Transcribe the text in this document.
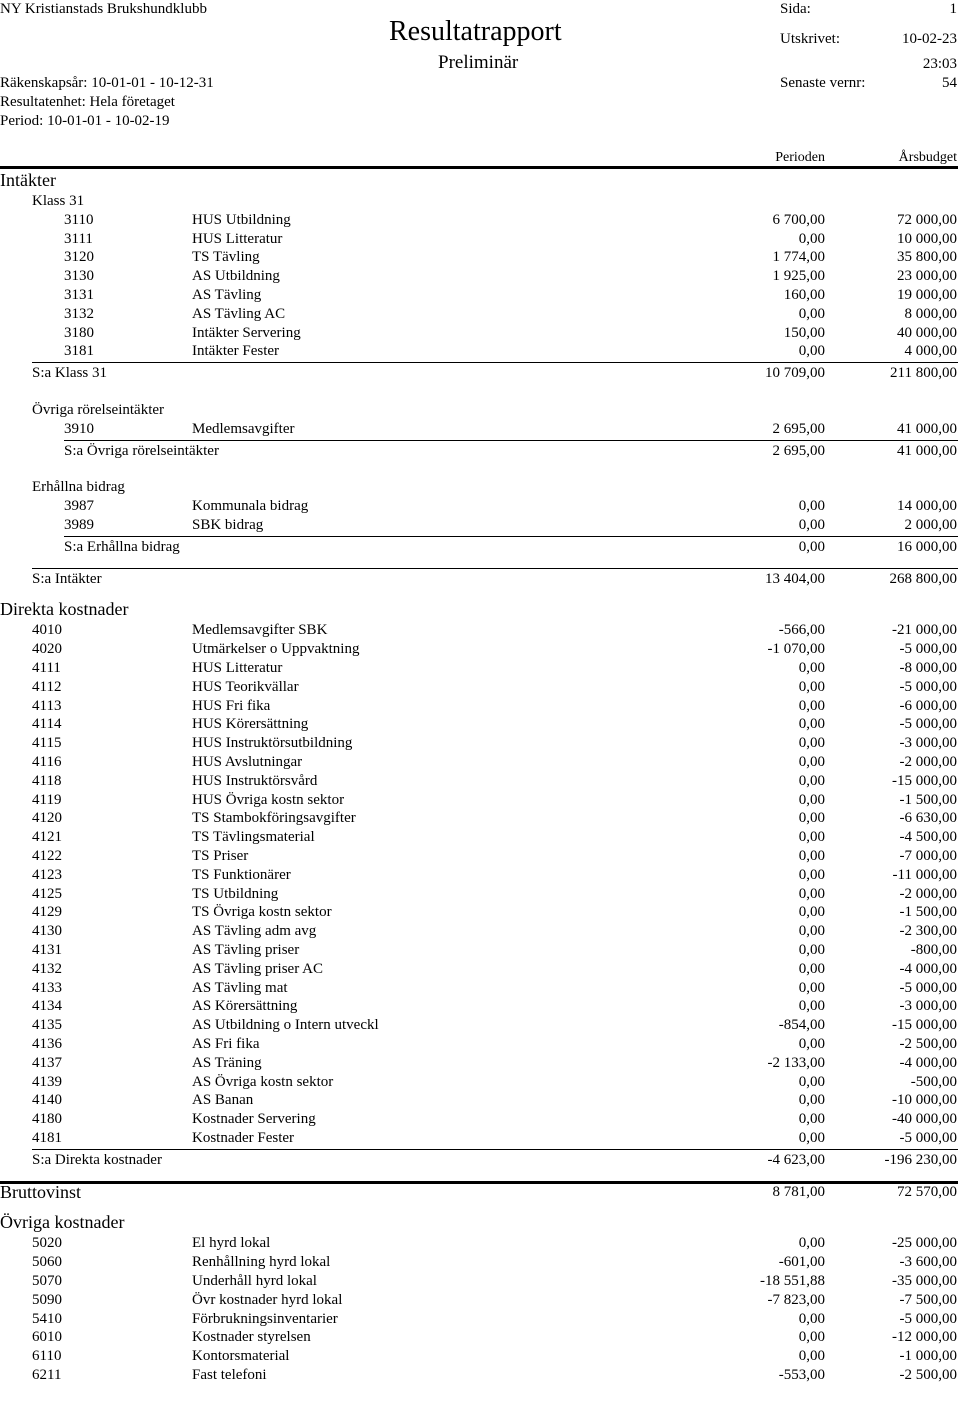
NY Kristianstads Brukshundklubb
Resultatrapport
Preliminär
Sida:	1
Utskrivet:	10-02-23
23:03
Räkenskapsår: 10-01-01 - 10-12-31
Resultatenhet: Hela företaget
Period: 10-01-01 - 10-02-19
Senaste vernr:	54
Perioden	Årsbudget
Intäkter
Klass 31
3110	HUS Utbildning	6 700,00	72 000,00
3111	HUS Litteratur	0,00	10 000,00
3120	TS Tävling	1 774,00	35 800,00
3130	AS Utbildning	1 925,00	23 000,00
3131	AS Tävling	160,00	19 000,00
3132	AS Tävling AC	0,00	8 000,00
3180	Intäkter Servering	150,00	40 000,00
3181	Intäkter Fester	0,00	4 000,00
S:a Klass 31	10 709,00	211 800,00
Övriga rörelseintäkter
3910	Medlemsavgifter	2 695,00	41 000,00
S:a Övriga rörelseintäkter	2 695,00	41 000,00
Erhållna bidrag
3987	Kommunala bidrag	0,00	14 000,00
3989	SBK bidrag	0,00	2 000,00
S:a Erhållna bidrag	0,00	16 000,00
S:a Intäkter	13 404,00	268 800,00
Direkta kostnader
4010	Medlemsavgifter SBK	-566,00	-21 000,00
4020	Utmärkelser o Uppvaktning	-1 070,00	-5 000,00
4111	HUS Litteratur	0,00	-8 000,00
4112	HUS Teorikvällar	0,00	-5 000,00
4113	HUS Fri fika	0,00	-6 000,00
4114	HUS Körersättning	0,00	-5 000,00
4115	HUS Instruktörsutbildning	0,00	-3 000,00
4116	HUS Avslutningar	0,00	-2 000,00
4118	HUS Instruktörsvård	0,00	-15 000,00
4119	HUS Övriga kostn sektor	0,00	-1 500,00
4120	TS Stambokföringsavgifter	0,00	-6 630,00
4121	TS Tävlingsmaterial	0,00	-4 500,00
4122	TS Priser	0,00	-7 000,00
4123	TS Funktionärer	0,00	-11 000,00
4125	TS Utbildning	0,00	-2 000,00
4129	TS Övriga kostn sektor	0,00	-1 500,00
4130	AS Tävling adm avg	0,00	-2 300,00
4131	AS Tävling priser	0,00	-800,00
4132	AS Tävling priser AC	0,00	-4 000,00
4133	AS Tävling mat	0,00	-5 000,00
4134	AS Körersättning	0,00	-3 000,00
4135	AS Utbildning o Intern utveckl	-854,00	-15 000,00
4136	AS Fri fika	0,00	-2 500,00
4137	AS Träning	-2 133,00	-4 000,00
4139	AS Övriga kostn sektor	0,00	-500,00
4140	AS Banan	0,00	-10 000,00
4180	Kostnader Servering	0,00	-40 000,00
4181	Kostnader Fester	0,00	-5 000,00
S:a Direkta kostnader	-4 623,00	-196 230,00
Bruttovinst	8 781,00	72 570,00
Övriga kostnader
5020	El hyrd lokal	0,00	-25 000,00
5060	Renhållning hyrd lokal	-601,00	-3 600,00
5070	Underhåll hyrd lokal	-18 551,88	-35 000,00
5090	Övr kostnader hyrd lokal	-7 823,00	-7 500,00
5410	Förbrukningsinventarier	0,00	-5 000,00
6010	Kostnader styrelsen	0,00	-12 000,00
6110	Kontorsmaterial	0,00	-1 000,00
6211	Fast telefoni	-553,00	-2 500,00
